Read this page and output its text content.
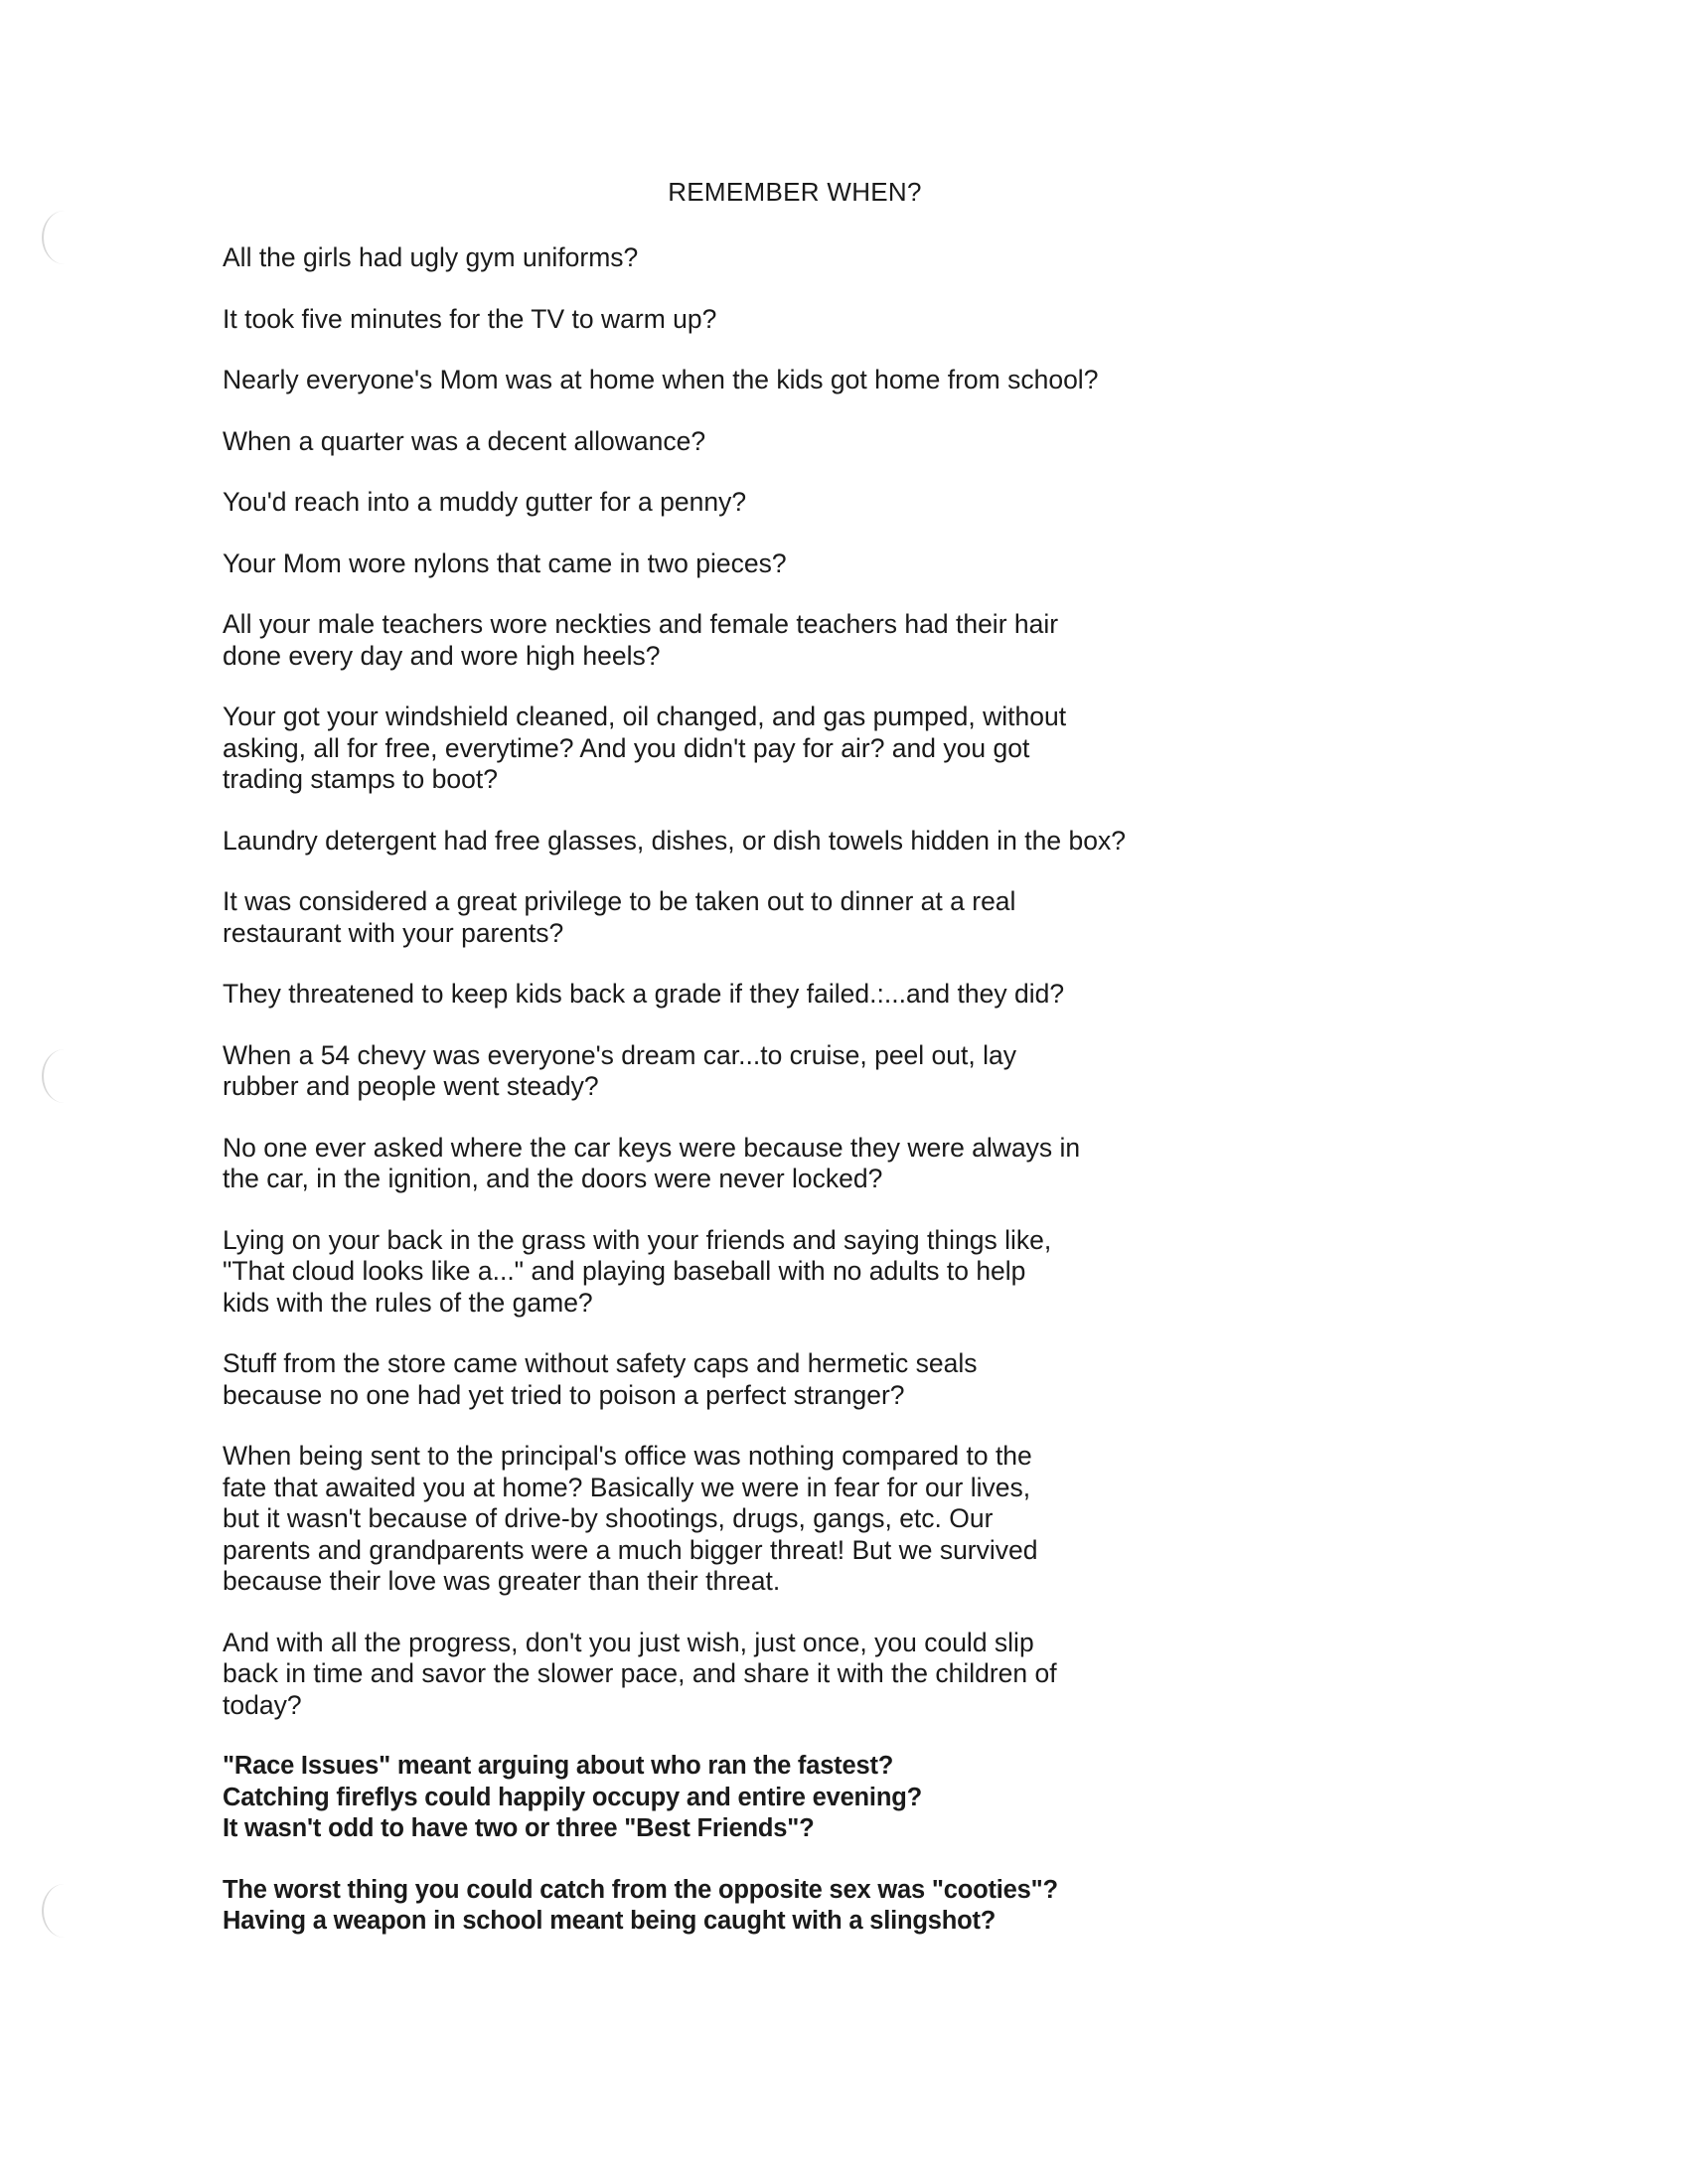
REMEMBER WHEN?

All the girls had ugly gym uniforms?

It took five minutes for the TV to warm up?

Nearly everyone's Mom was at home when the kids got home from school?

When a quarter was a decent allowance?

You'd reach into a muddy gutter for a penny?

Your Mom wore nylons that came in two pieces?

All your male teachers wore neckties and female teachers had their hair
done every day and wore high heels?

Your got your windshield cleaned, oil changed, and gas pumped, without
asking, all for free, everytime? And you didn't pay for air? and you got
trading stamps to boot?

Laundry detergent had free glasses, dishes, or dish towels hidden in the box?

It was considered a great privilege to be taken out to dinner at a real
restaurant with your parents?

They threatened to keep kids back a grade if they failed.:...and they did?

When a 54 chevy was everyone's dream car...to cruise, peel out, lay
rubber and people went steady?

No one ever asked where the car keys were because they were always in
the car, in the ignition, and the doors were never locked?

Lying on your back in the grass with your friends and saying things like,
"That cloud looks like a..." and playing baseball with no adults to help
kids with the rules of the game?

Stuff from the store came without safety caps and hermetic seals
because no one had yet tried to poison a perfect stranger?

When being sent to the principal's office was nothing compared to the
fate that awaited you at home? Basically we were in fear for our lives,
but it wasn't because of drive-by shootings, drugs, gangs, etc. Our
parents and grandparents were a much bigger threat! But we survived
because their love was greater than their threat.

And with all the progress, don't you just wish, just once, you could slip
back in time and savor the slower pace, and share it with the children of
today?

"Race Issues" meant arguing about who ran the fastest?
Catching fireflys could happily occupy and entire evening?
It wasn't odd to have two or three "Best Friends"?

The worst thing you could catch from the opposite sex was "cooties"?
Having a weapon in school meant being caught with a slingshot?
